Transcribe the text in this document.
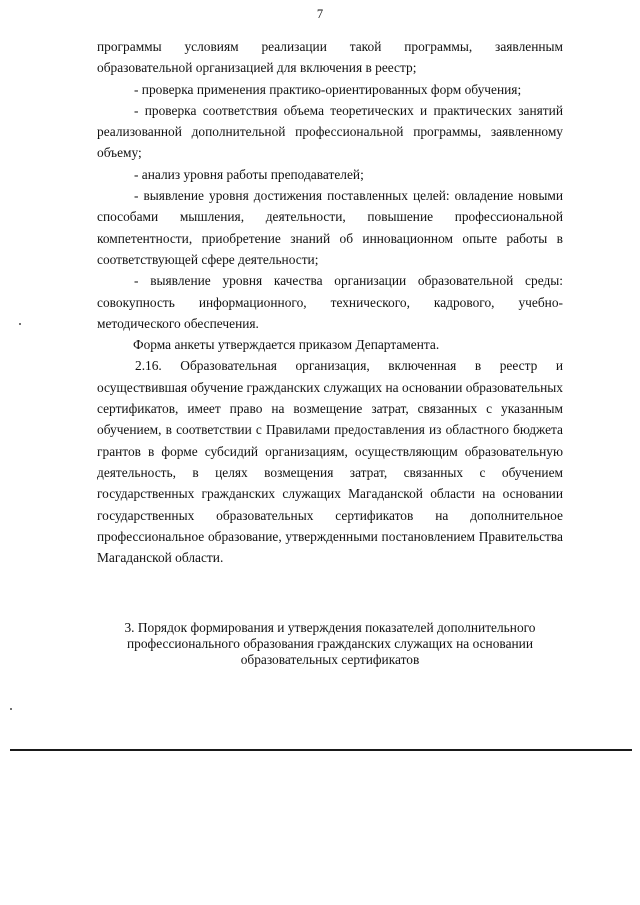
7

программы условиям реализации такой программы, заявленным образовательной организацией для включения в реестр;

- проверка применения практико-ориентированных форм обучения;

- проверка соответствия объема теоретических и практических занятий реализованной дополнительной профессиональной программы, заявленному объему;

- анализ уровня работы преподавателей;

- выявление уровня достижения поставленных целей: овладение новыми способами мышления, деятельности, повышение профессиональной компетентности, приобретение знаний об инновационном опыте работы в соответствующей сфере деятельности;

- выявление уровня качества организации образовательной среды: совокупность информационного, технического, кадрового, учебно-методического обеспечения.

Форма анкеты утверждается приказом Департамента.

2.16. Образовательная организация, включенная в реестр и осуществившая обучение гражданских служащих на основании образовательных сертификатов, имеет право на возмещение затрат, связанных с указанным обучением, в соответствии с Правилами предоставления из областного бюджета грантов в форме субсидий организациям, осуществляющим образовательную деятельность, в целях возмещения затрат, связанных с обучением государственных гражданских служащих Магаданской области на основании государственных образовательных сертификатов на дополнительное профессиональное образование, утвержденными постановлением Правительства Магаданской области.

3. Порядок формирования и утверждения показателей дополнительного профессионального образования гражданских служащих на основании образовательных сертификатов
